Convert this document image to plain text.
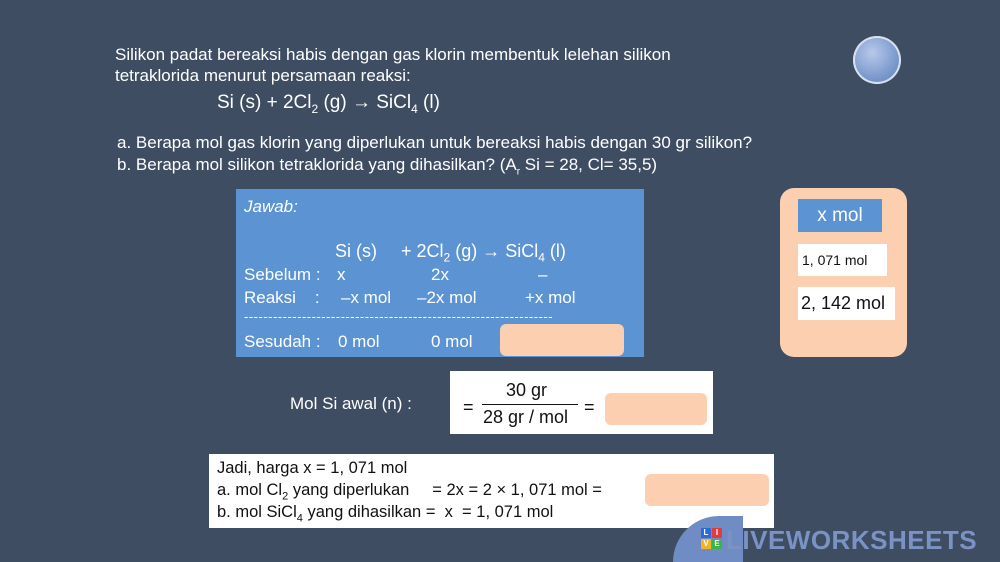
Silikon padat bereaksi habis dengan gas klorin membentuk lelehan silikon
tetraklorida menurut persamaan reaksi:
Si $(s) + 2Cl_2$ (g) → SiCl$_4$ (l)
a. Berapa mol gas klorin yang diperlukan untuk bereaksi habis dengan 30 gr silikon?
b. Berapa mol silikon tetraklorida yang dihasilkan? ($A_r$ Si = 28, Cl= 35,5)
Jawab:
Si $(s) + 2Cl_2$ (g) → SiCl$_4$ (l)
Sebelum : x	2x	–
Reaksi    : –x mol –2x mol	+x mol
----------------------------------------------------------------
Sesudah : 0 mol	0 mol
x mol
1, 071 mol
2, 142 mol
Mol Si awal (n) :	=
30 gr
28 gr / mol =
Jadi, harga x = 1, 071 mol
a. mol $Cl_2$ yang diperlukan     = 2x = 2 × 1, 071 mol =
b. mol SiCl$_4$ yang dihasilkan =  x  = 1, 071 mol
L I
V E LIVEWORKSHEETS
